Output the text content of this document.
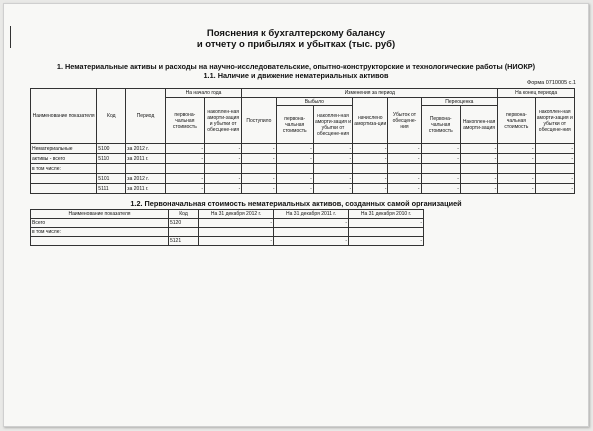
Пояснения к бухгалтерскому балансу
и отчету о прибылях и убытках (тыс. руб)
1. Нематериальные активы и расходы на научно-исследовательские, опытно-конструкторские и технологические работы (НИОКР)
1.1. Наличие и движение нематериальных активов
Форма 0710005 с.1
Наименование показателя	Код	Период	На начало года		Изменения за период							На конец периода	
			первона-чальная стоимость	накоплен-ная аморти-зация и убытки от обесцене-ния	Поступило	Выбыло		начислено амортиза-ции	Убыток от обесцене-ния	Переоценка		первона-чальная стоимость	накоплен-ная аморти-зация и убытки от обесцене-ния
						первона-чальная стоимость	накоплен-ная аморти-зация и убытки от обесцене-ния			Первона-чальная стоимость	Накоплен-ная аморти-зация		
Нематериальные	5100	за 2012 г.	-	-	-	-	-	-	-	-	-	-	-
активы - всего	5110	за 2011 г.	-	-	-	-	-	-	-	-	-	-	-
в том числе:													
	5101	за 2012 г.	-	-	-	-	-	-	-	-	-	-	-
	5111	за 2011 г.	-	-	-	-	-	-	-	-	-	-	-
1.2. Первоначальная стоимость нематериальных активов, созданных самой организацией
Наименование показателя	Код	На 31 декабря 2012 г.	На 31 декабря 2011 г.	На 31 декабря 2010 г.
Всего	5120	-	-	-
в том числе:				
	5121	-	-	-
